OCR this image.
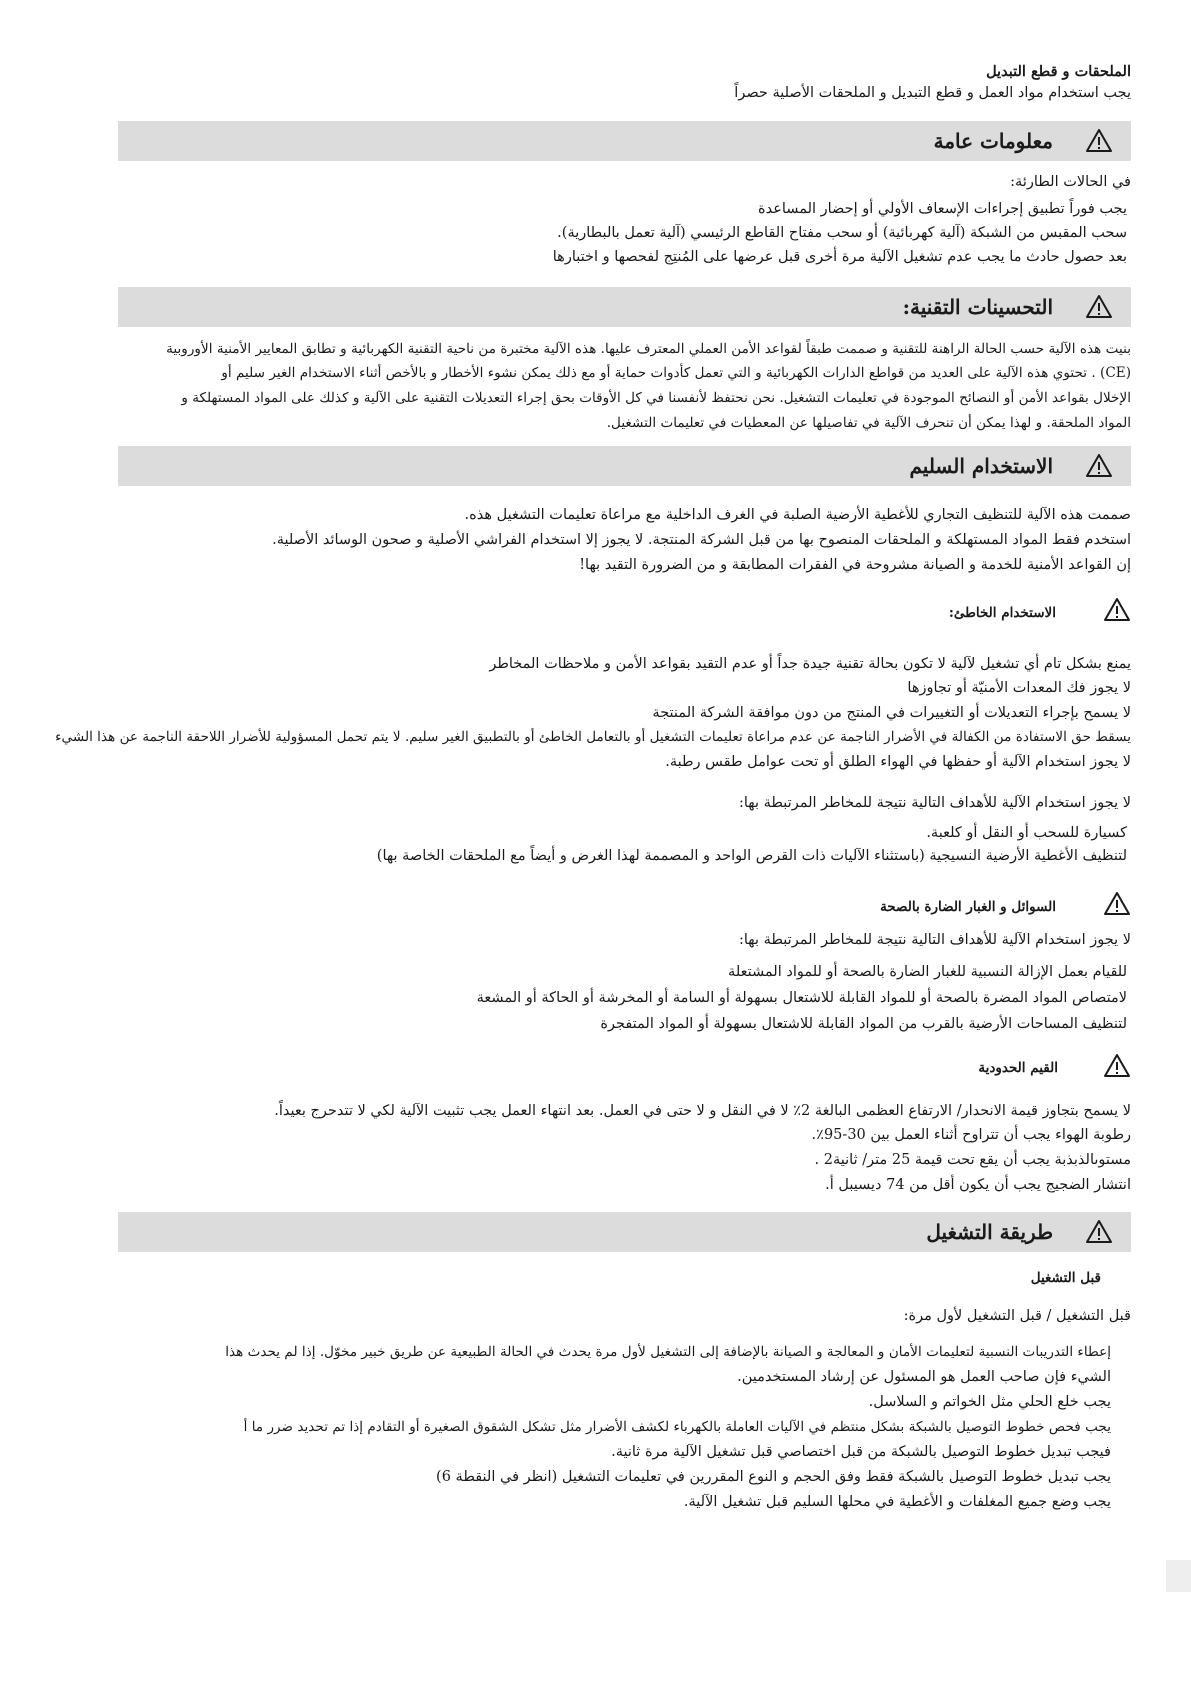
الملحقات و قطع التبديل
يجب استخدام مواد العمل و قطع التبديل و الملحقات الأصلية حصراً
معلومات عامة
في الحالات الطارئة:
يجب فوراً تطبيق إجراءات الإسعاف الأولي أو إحضار المساعدة
سحب المقبس من الشبكة (آلية كهربائية) أو سحب مفتاح القاطع الرئيسي (آلية تعمل بالبطارية).
بعد حصول حادث ما يجب عدم تشغيل الآلية مرة أخرى قبل عرضها على المُنتِج لفحصها و اختبارها
التحسينات التقنية:
بنيت هذه الآلية حسب الحالة الراهنة للتقنية و صممت طبقاً لقواعد الأمن العملي المعترف عليها. هذه الآلية مختبرة من ناحية التقنية الكهربائية و تطابق المعايير الأمنية الأوروبية
(CE) . تحتوي هذه الآلية على العديد من قواطع الدارات الكهربائية و التي تعمل كأدوات حماية أو مع ذلك يمكن نشوء الأخطار و بالأخص أثناء الاستخدام الغير سليم أو
الإخلال بقواعد الأمن أو النصائح الموجودة في تعليمات التشغيل. نحن نحتفظ لأنفسنا في كل الأوقات بحق إجراء التعديلات التقنية على الآلية و كذلك على المواد المستهلكة و
المواد الملحقة. و لهذا يمكن أن تنحرف الآلية في تفاصيلها عن المعطيات في تعليمات التشغيل.
الاستخدام السليم
صممت هذه الآلية للتنظيف التجاري للأغطية الأرضية الصلبة في الغرف الداخلية مع مراعاة تعليمات التشغيل هذه.
استخدم فقط المواد المستهلكة و الملحقات المنصوح بها من قبل الشركة المنتجة. لا يجوز إلا استخدام الفراشي الأصلية و صحون الوسائد الأصلية.
إن القواعد الأمنية للخدمة و الصيانة مشروحة في الفقرات المطابقة و من الضرورة التقيد بها!
الاستخدام الخاطئ:
يمنع بشكل تام أي تشغيل لآلية لا تكون بحالة تقنية جيدة جداً أو عدم التقيد بقواعد الأمن و ملاحظات المخاطر
لا يجوز فك المعدات الأمنيّة أو تجاوزها
لا يسمح بإجراء التعديلات أو التغييرات في المنتج من دون موافقة الشركة المنتجة
يسقط حق الاستفادة من الكفالة في الأضرار الناجمة عن عدم مراعاة تعليمات التشغيل أو بالتعامل الخاطئ أو بالتطبيق الغير سليم. لا يتم تحمل المسؤولية للأضرار اللاحقة الناجمة عن هذا الشيء
لا يجوز استخدام الآلية أو حفظها في الهواء الطلق أو تحت عوامل طقس رطبة.
لا يجوز استخدام الآلية للأهداف التالية نتيجة للمخاطر المرتبطة بها:
كسيارة للسحب أو النقل أو كلعبة.
لتنظيف الأغطية الأرضية النسيجية (باستثناء الآليات ذات القرص الواحد و المصممة لهذا الغرض و أيضاً مع الملحقات الخاصة بها)
السوائل و الغبار الضارة بالصحة
لا يجوز استخدام الآلية للأهداف التالية نتيجة للمخاطر المرتبطة بها:
للقيام بعمل الإزالة النسبية للغبار الضارة بالصحة أو للمواد المشتعلة
لامتصاص المواد المضرة بالصحة أو للمواد القابلة للاشتعال بسهولة أو السامة أو المخرشة أو الحاكة أو المشعة
لتنظيف المساحات الأرضية بالقرب من المواد القابلة للاشتعال بسهولة أو المواد المتفجرة
القيم الحدودية
لا يسمح بتجاوز قيمة الانحدار/ الارتفاع العظمى البالغة 2٪ لا في النقل و لا حتى في العمل. بعد انتهاء العمل يجب تثبيت الآلية لكي لا تتدحرج بعيداً.
رطوبة الهواء يجب أن تتراوح أثناء العمل بين 30-95٪.
مستوىالذبذبة يجب أن يقع تحت قيمة 25 متر/ ثانية2 .
انتشار الضجيج يجب أن يكون أقل من 74 ديسيبل أ.
طريقة التشغيل
قبل التشغيل
قبل التشغيل / قبل التشغيل لأول مرة:
إعطاء التدريبات النسبية لتعليمات الأمان و المعالجة و الصيانة بالإضافة إلى التشغيل لأول مرة يحدث في الحالة الطبيعية عن طريق خبير مخوّل. إذا لم يحدث هذا
الشيء فإن صاحب العمل هو المسئول عن إرشاد المستخدمين.
يجب خلع الحلي مثل الخواتم و السلاسل.
يجب فحص خطوط التوصيل بالشبكة بشكل منتظم في الآليات العاملة بالكهرباء لكشف الأضرار مثل تشكل الشقوق الصغيرة أو التقادم إذا تم تحديد ضرر ما أ
فيجب تبديل خطوط التوصيل بالشبكة من قبل اختصاصي قبل تشغيل الآلية مرة ثانية.
يجب تبديل خطوط التوصيل بالشبكة فقط وفق الحجم و النوع المقررين في تعليمات التشغيل (انظر في النقطة 6)
يجب وضع جميع المغلفات و الأغطية في محلها السليم قبل تشغيل الآلية.
